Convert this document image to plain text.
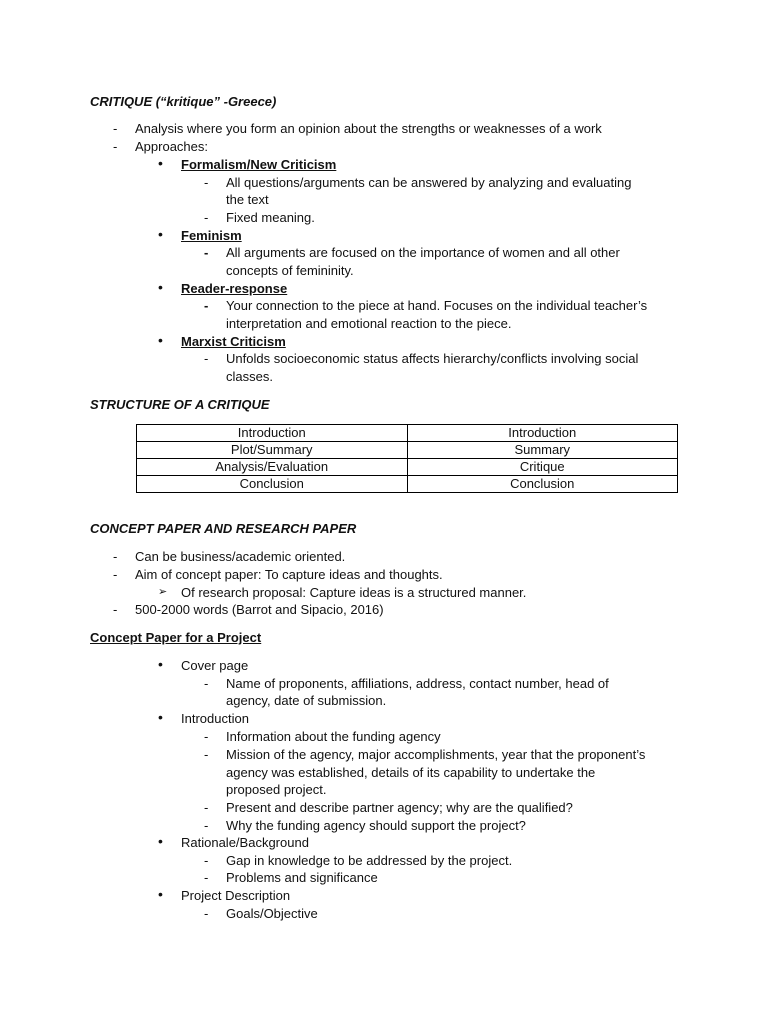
CRITIQUE (“kritique” -Greece)
- Analysis where you form an opinion about the strengths or weaknesses of a work
- Approaches:
• Formalism/New Criticism
- All questions/arguments can be answered by analyzing and evaluating
the text
- Fixed meaning.
• Feminism
- All arguments are focused on the importance of women and all other
concepts of femininity.
• Reader-response
- Your connection to the piece at hand. Focuses on the individual teacher’s
interpretation and emotional reaction to the piece.
• Marxist Criticism
- Unfolds socioeconomic status affects hierarchy/conflicts involving social
classes.
STRUCTURE OF A CRITIQUE
Introduction	Introduction
Plot/Summary	Summary
Analysis/Evaluation	Critique
Conclusion	Conclusion
CONCEPT PAPER AND RESEARCH PAPER
- Can be business/academic oriented.
- Aim of concept paper: To capture ideas and thoughts.
➢ Of research proposal: Capture ideas is a structured manner.
- 500-2000 words (Barrot and Sipacio, 2016)
Concept Paper for a Project
• Cover page
- Name of proponents, affiliations, address, contact number, head of
agency, date of submission.
• Introduction
- Information about the funding agency
- Mission of the agency, major accomplishments, year that the proponent’s
agency was established, details of its capability to undertake the
proposed project.
- Present and describe partner agency; why are the qualified?
- Why the funding agency should support the project?
• Rationale/Background
- Gap in knowledge to be addressed by the project.
- Problems and significance
• Project Description
- Goals/Objective
